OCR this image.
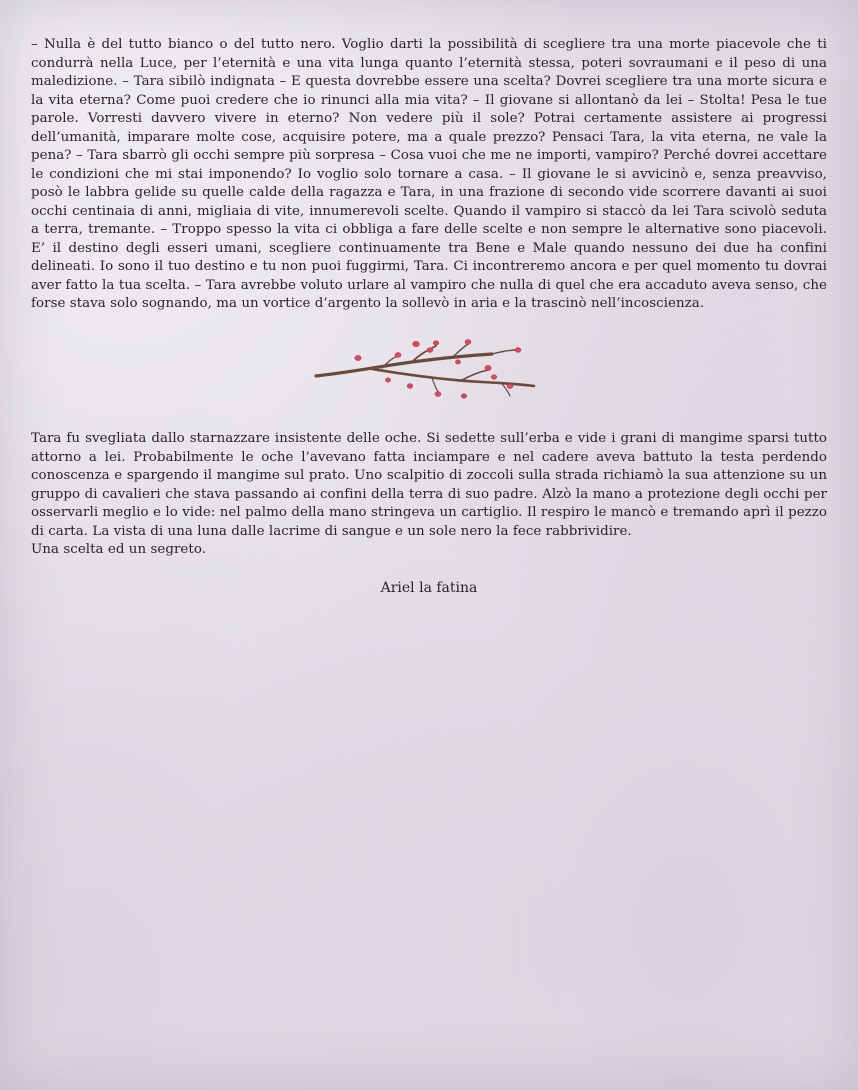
– Nulla è del tutto bianco o del tutto nero. Voglio darti la possibilità di scegliere tra una morte piacevole che ti condurrà nella Luce, per l’eternità e una vita lunga quanto l’eternità stessa, poteri sovraumani e il peso di una maledizione. – Tara sibilò indignata – E questa dovrebbe essere una scelta? Dovrei scegliere tra una morte sicura e la vita eterna? Come puoi credere che io rinunci alla mia vita? – Il giovane si allontanò da lei – Stolta! Pesa le tue parole. Vorresti davvero vivere in eterno? Non vedere più il sole? Potrai certamente assistere ai progressi dell’umanità, imparare molte cose, acquisire potere, ma a quale prezzo? Pensaci Tara, la vita eterna, ne vale la pena? – Tara sbarrò gli occhi sempre più sorpresa – Cosa vuoi che me ne importi, vampiro? Perché dovrei accettare le condizioni che mi stai imponendo? Io voglio solo tornare a casa. – Il giovane le si avvicinò e, senza preavviso, posò le labbra gelide su quelle calde della ragazza e Tara, in una frazione di secondo vide scorrere davanti ai suoi occhi centinaia di anni, migliaia di vite, innumerevoli scelte. Quando il vampiro si staccò da lei Tara scivolò seduta a terra, tremante. – Troppo spesso la vita ci obbliga a fare delle scelte e non sempre le alternative sono piacevoli. E’ il destino degli esseri umani, scegliere continuamente tra Bene e Male quando nessuno dei due ha confini delineati. Io sono il tuo destino e tu non puoi fuggirmi, Tara. Ci incontreremo ancora e per quel momento tu dovrai aver fatto la tua scelta. – Tara avrebbe voluto urlare al vampiro che nulla di quel che era accaduto aveva senso, che forse stava solo sognando, ma un vortice d’argento la sollevò in aria e la trascinò nell’incoscienza.

Tara fu svegliata dallo starnazzare insistente delle oche. Si sedette sull’erba e vide i grani di mangime sparsi tutto attorno a lei. Probabilmente le oche l’avevano fatta inciampare e nel cadere aveva battuto la testa perdendo conoscenza e spargendo il mangime sul prato. Uno scalpitio di zoccoli sulla strada richiamò la sua attenzione su un gruppo di cavalieri che stava passando ai confini della terra di suo padre. Alzò la mano a protezione degli occhi per osservarli meglio e lo vide: nel palmo della mano stringeva un cartiglio. Il respiro le mancò e tremando aprì il pezzo di carta. La vista di una luna dalle lacrime di sangue e un sole nero la fece rabbrividire.

Una scelta ed un segreto.

Ariel la fatina
